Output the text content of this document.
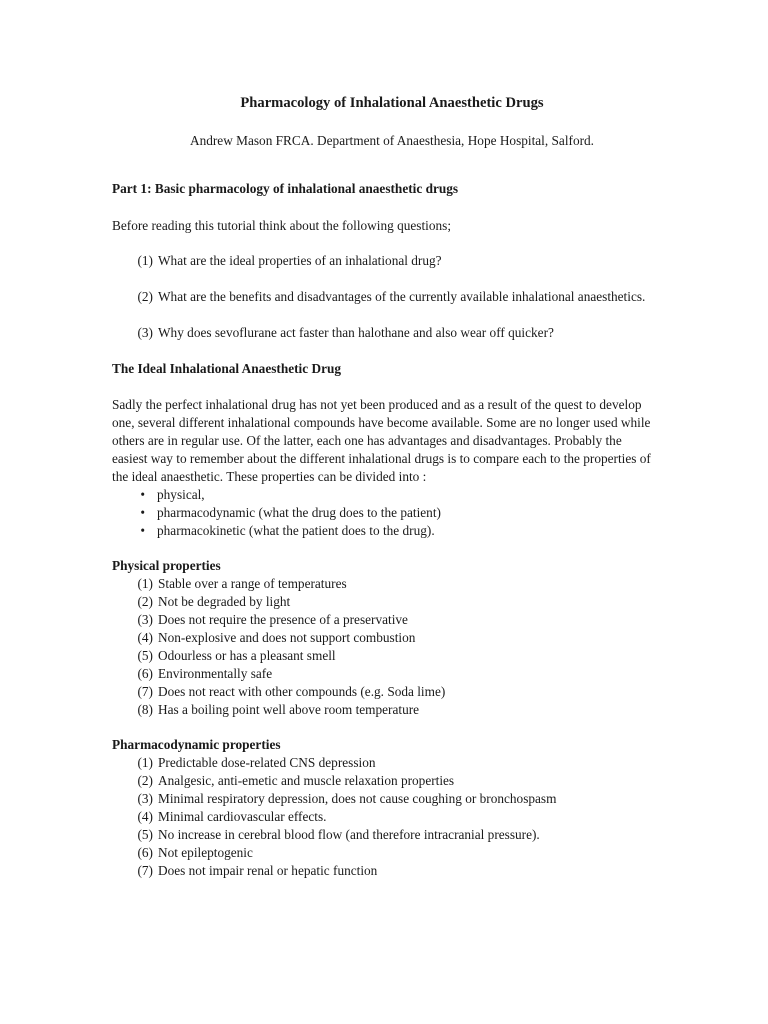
Pharmacology of Inhalational Anaesthetic Drugs

Andrew Mason FRCA. Department of Anaesthesia, Hope Hospital, Salford.

Part 1: Basic pharmacology of inhalational anaesthetic drugs

Before reading this tutorial think about the following questions;

(1) What are the ideal properties of an inhalational drug?
(2) What are the benefits and disadvantages of the currently available inhalational anaesthetics.
(3) Why does sevoflurane act faster than halothane and also wear off quicker?

The Ideal Inhalational Anaesthetic Drug

Sadly the perfect inhalational drug has not yet been produced and as a result of the quest to develop one, several different inhalational compounds have become available. Some are no longer used while others are in regular use. Of the latter, each one has advantages and disadvantages. Probably the easiest way to remember about the different inhalational drugs is to compare each to the properties of the ideal anaesthetic. These properties can be divided into :

• physical,
• pharmacodynamic (what the drug does to the patient)
• pharmacokinetic (what the patient does to the drug).

Physical properties

(1) Stable over a range of temperatures
(2) Not be degraded by light
(3) Does not require the presence of a preservative
(4) Non-explosive and does not support combustion
(5) Odourless or has a pleasant smell
(6) Environmentally safe
(7) Does not react with other compounds (e.g. Soda lime)
(8) Has a boiling point well above room temperature

Pharmacodynamic properties

(1) Predictable dose-related CNS depression
(2) Analgesic, anti-emetic and muscle relaxation properties
(3) Minimal respiratory depression, does not cause coughing or bronchospasm
(4) Minimal cardiovascular effects.
(5) No increase in cerebral blood flow (and therefore intracranial pressure).
(6) Not epileptogenic
(7) Does not impair renal or hepatic function
